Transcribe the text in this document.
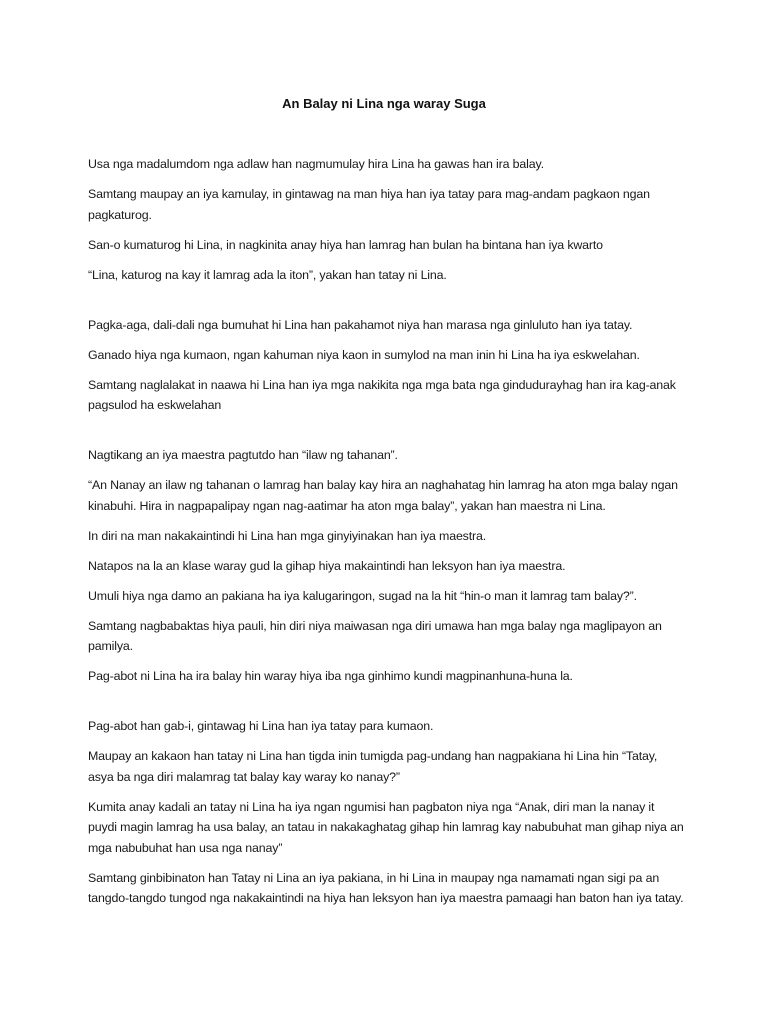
An Balay ni Lina nga waray Suga

Usa nga madalumdom nga adlaw han nagmumulay hira Lina ha gawas han ira balay.

Samtang maupay an iya kamulay, in gintawag na man hiya han iya tatay para mag-andam pagkaon ngan pagkaturog.

San-o kumaturog hi Lina, in nagkinita anay hiya han lamrag han bulan ha bintana han iya kwarto

“Lina, katurog na kay it lamrag ada la iton”, yakan han tatay ni Lina.

Pagka-aga, dali-dali nga bumuhat hi Lina han pakahamot niya han marasa nga ginluluto han iya tatay.

Ganado hiya nga kumaon, ngan kahuman niya kaon in sumylod na man inin hi Lina ha iya eskwelahan.

Samtang naglalakat in naawa hi Lina han iya mga nakikita nga mga bata nga gindudurayhag han ira kag-anak pagsulod ha eskwelahan

Nagtikang an iya maestra pagtutdo han “ilaw ng tahanan”.

“An Nanay an ilaw ng tahanan o lamrag han balay kay hira an naghahatag hin lamrag ha aton mga balay ngan kinabuhi. Hira in nagpapalipay ngan nag-aatimar ha aton mga balay”, yakan han maestra ni Lina.

In diri na man nakakaintindi hi Lina han mga ginyiyinakan han iya maestra.

Natapos na la an klase waray gud la gihap hiya makaintindi han leksyon han iya maestra.

Umuli hiya nga damo an pakiana ha iya kalugaringon, sugad na la hit “hin-o man it lamrag tam balay?”.

Samtang nagbabaktas hiya pauli, hin diri niya maiwasan nga diri umawa han mga balay nga maglipayon an pamilya.

Pag-abot ni Lina ha ira balay hin waray hiya iba nga ginhimo kundi magpinanhuna-huna la.

Pag-abot han gab-i, gintawag hi Lina han iya tatay para kumaon.

Maupay an kakaon han tatay ni Lina han tigda inin tumigda pag-undang han nagpakiana hi Lina hin “Tatay, asya ba nga diri malamrag tat balay kay waray ko nanay?”

Kumita anay kadali an tatay ni Lina ha iya ngan ngumisi han pagbaton niya nga “Anak, diri man la nanay it puydi magin lamrag ha usa balay, an tatau in nakakaghatag gihap hin lamrag kay nabubuhat man gihap niya an mga nabubuhat han usa nga nanay”

Samtang ginbibinaton han Tatay ni Lina an iya pakiana, in hi Lina in maupay nga namamati ngan sigi pa an tangdo-tangdo tungod nga nakakaintindi na hiya han leksyon han iya maestra pamaagi han baton han iya tatay.
